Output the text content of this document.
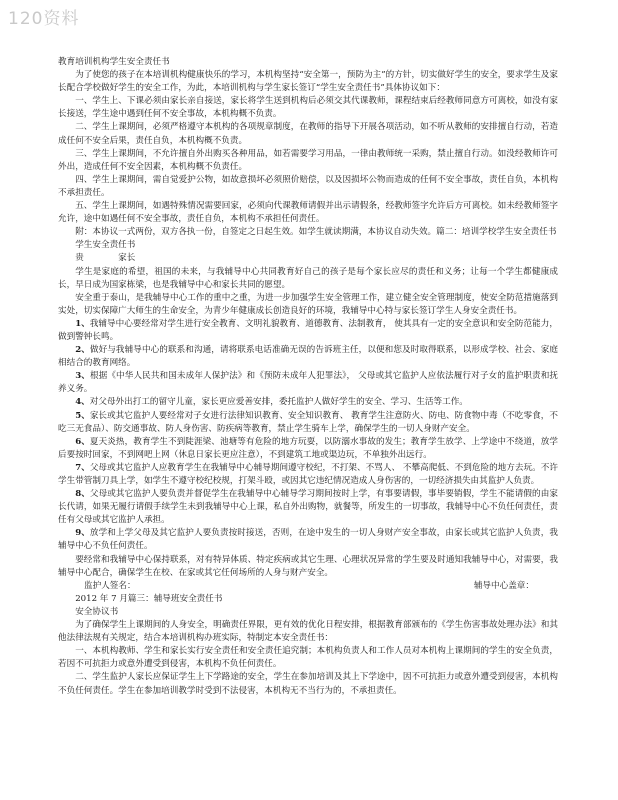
120资料

教育培训机构学生安全责任书

为了使您的孩子在本培训机构健康快乐的学习，本机构坚持“安全第一，预防为主”的方针，切实做好学生的安全，要求学生及家长配合学校做好学生的安全工作，为此，本培训机构与学生家长签订“学生安全责任书”具体协议如下：

一、学生上、下课必须由家长亲自接送，家长将学生送到机构后必须交其代课教师，课程结束后经教师同意方可离校，如没有家长接送，学生途中遇到任何不安全事故，本机构概不负责。

二、学生上课期间，必须严格遵守本机构的各项规章制度，在教师的指导下开展各项活动，如不听从教师的安排擅自行动，若造成任何不安全后果，责任自负，本机构概不负责。

三、学生上课期间，不允许擅自外出购买各种用品，如若需要学习用品，一律由教师统一采购，禁止擅自行动。如没经教师许可外出，造成任何不安全因素，本机构概不负责任。

四、学生上课期间，需自觉爱护公物，如故意损坏必须照价赔偿，以及因损坏公物而造成的任何不安全事故，责任自负，本机构不承担责任。

五、学生上课期间，如遇特殊情况需要回家，必须向代课教师请假并出示请假条，经教师签字允许后方可离校。如未经教师签字允许，途中如遇任何不安全事故，责任自负，本机构不承担任何责任。

附：本协议一式两份，双方各执一份，自签定之日起生效。如学生就读期满，本协议自动失效。篇二：培训学校学生安全责任书

学生安全责任书

贵　　　　家长

学生是家庭的希望，祖国的未来，与我辅导中心共同教育好自己的孩子是每个家长应尽的责任和义务；让每一个学生都健康成长，早日成为国家栋梁，也是我辅导中心和家长共同的愿望。

安全重于泰山，是我辅导中心工作的重中之重，为进一步加强学生安全管理工作，建立健全安全管理制度，使安全防范措施落到实处，切实保障广大师生的生命安全，为青少年健康成长创造良好的环境，我辅导中心特与家长签订学生人身安全责任书。

1、我辅导中心要经常对学生进行安全教育、文明礼貌教育、道德教育、法制教育， 使其具有一定的安全意识和安全防范能力，做到警钟长鸣。

2、做好与我辅导中心的联系和沟通，请将联系电话准确无误的告诉班主任，以便和您及时取得联系，以形成学校、社会、家庭相结合的教育网络。

3、根据《中华人民共和国未成年人保护法》和《预防未成年人犯罪法》， 父母或其它监护人应依法履行对子女的监护职责和抚养义务。

4、对父母外出打工的留守儿童，家长更应爱善安排，委托监护人做好学生的安全、学习、生活等工作。

5、家长或其它监护人要经常对子女进行法律知识教育、安全知识教育、 教育学生注意防火、防电、防食物中毒（不吃零食，不吃三无食品）、防交通事故、防人身伤害、防疾病等教育，禁止学生骑车上学，确保学生的一切人身财产安全。

6、夏天炎热，教育学生不到陡涯梁、池塘等有危险的地方玩耍，以防溺水事故的发生；教育学生放学、上学途中不绕道，放学后要按时回家，不到网吧上网（休息日家长更应注意），不到建筑工地或渠边玩，不单独外出远行。

7、父母或其它监护人应教育学生在我辅导中心辅导期间遵守校纪，不打架、不骂人、 不攀高爬低、不到危险的地方去玩。不许学生带管制刀具上学，如学生不遵守校纪校规，打架斗殴，或因其它违纪情况造成人身伤害的，一切经济损失由其监护人负责。

8、父母或其它监护人要负责并督促学生在我辅导中心辅导学习期间按时上学，有事要请假，事毕要销假，学生不能请假的由家长代请，如果无履行请假手续学生未到我辅导中心上课，私自外出购物，就餐等，所发生的一切事故，我辅导中心不负任何责任，责任有父母或其它监护人承担。

9、放学和上学父母及其它监护人要负责按时接送，否则，在途中发生的一切人身财产安全事故，由家长或其它监护人负责，我辅导中心不负任何责任。

要经常和我辅导中心保持联系，对有特异体质、特定疾病或其它生理、心理状况异常的学生要及时通知我辅导中心，对需要，我辅导中心配合，确保学生在校、在家或其它任何场所的人身与财产安全。

监护人签名：	辅导中心盖章：

2012 年 7 月篇三：辅导班安全责任书

安全协议书

为了确保学生上课期间的人身安全，明确责任界限，更有效的优化日程安排，根据教育部颁布的《学生伤害事故处理办法》和其他法律法规有关规定，结合本培训机构办班实际，特制定本安全责任书：

一、本机构教师、学生和家长实行安全责任和安全责任追究制；本机构负责人和工作人员对本机构上课期间的学生的安全负责，若因不可抗拒力或意外遭受到侵害，本机构不负任何责任。

二、学生监护人家长应保证学生上下学路途的安全，学生在参加培训及其上下学途中，因不可抗拒力或意外遭受到侵害，本机构不负任何责任。学生在参加培训教学时受到不法侵害，本机构无不当行为的，不承担责任。
